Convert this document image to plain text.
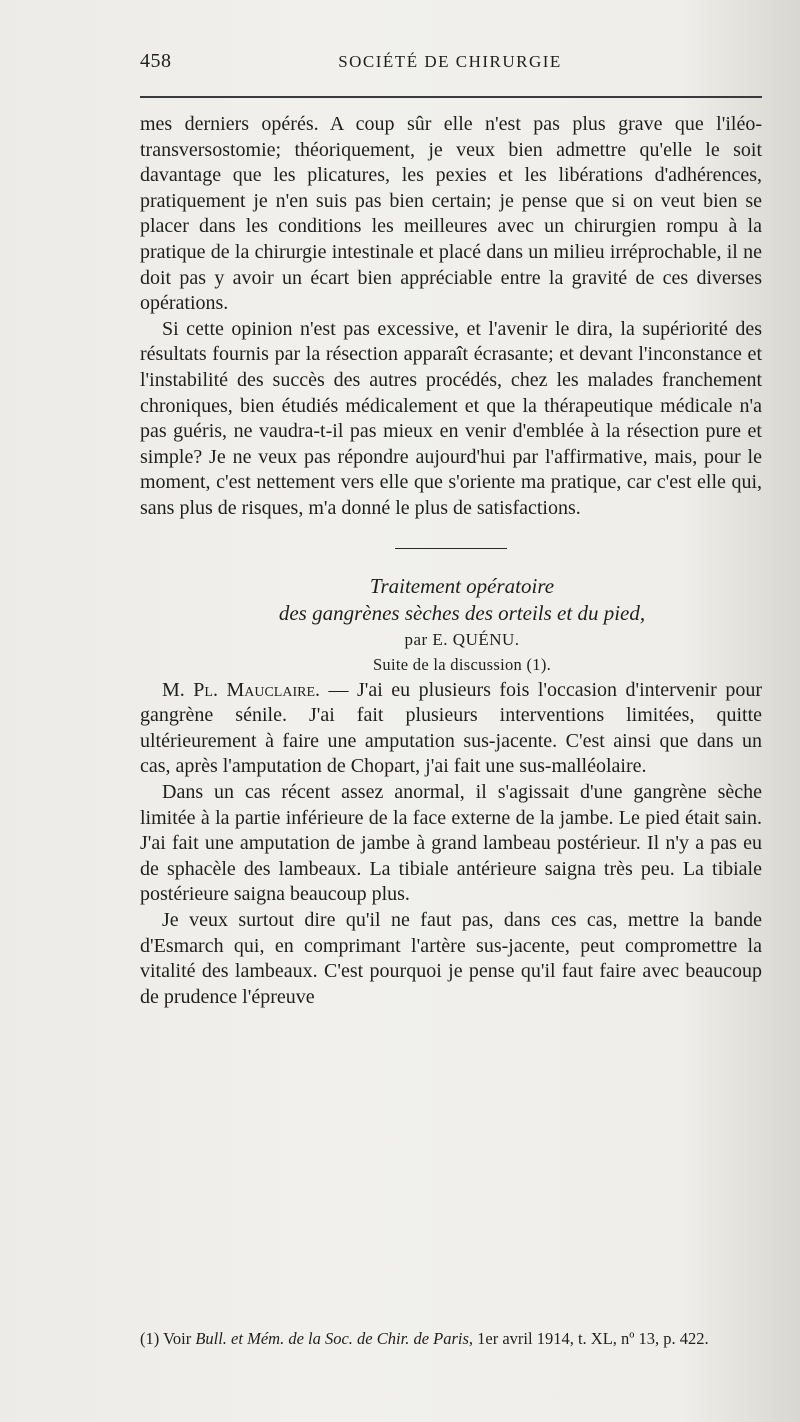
458	SOCIÉTÉ DE CHIRURGIE

mes derniers opérés. A coup sûr elle n'est pas plus grave que l'iléo-transversostomie; théoriquement, je veux bien admettre qu'elle le soit davantage que les plicatures, les pexies et les libérations d'adhérences, pratiquement je n'en suis pas bien certain; je pense que si on veut bien se placer dans les conditions les meilleures avec un chirurgien rompu à la pratique de la chirurgie intestinale et placé dans un milieu irréprochable, il ne doit pas y avoir un écart bien appréciable entre la gravité de ces diverses opérations.

Si cette opinion n'est pas excessive, et l'avenir le dira, la supériorité des résultats fournis par la résection apparaît écrasante; et devant l'inconstance et l'instabilité des succès des autres procédés, chez les malades franchement chroniques, bien étudiés médicalement et que la thérapeutique médicale n'a pas guéris, ne vaudra-t-il pas mieux en venir d'emblée à la résection pure et simple? Je ne veux pas répondre aujourd'hui par l'affirmative, mais, pour le moment, c'est nettement vers elle que s'oriente ma pratique, car c'est elle qui, sans plus de risques, m'a donné le plus de satisfactions.

Traitement opératoire

des gangrènes sèches des orteils et du pied,

par E. QUÉNU.

Suite de la discussion (1).

M. Pl. Mauclaire. — J'ai eu plusieurs fois l'occasion d'intervenir pour gangrène sénile. J'ai fait plusieurs interventions limitées, quitte ultérieurement à faire une amputation sus-jacente. C'est ainsi que dans un cas, après l'amputation de Chopart, j'ai fait une sus-malléolaire.

Dans un cas récent assez anormal, il s'agissait d'une gangrène sèche limitée à la partie inférieure de la face externe de la jambe. Le pied était sain. J'ai fait une amputation de jambe à grand lambeau postérieur. Il n'y a pas eu de sphacèle des lambeaux. La tibiale antérieure saigna très peu. La tibiale postérieure saigna beaucoup plus.

Je veux surtout dire qu'il ne faut pas, dans ces cas, mettre la bande d'Esmarch qui, en comprimant l'artère sus-jacente, peut compromettre la vitalité des lambeaux. C'est pourquoi je pense qu'il faut faire avec beaucoup de prudence l'épreuve

(1) Voir Bull. et Mém. de la Soc. de Chir. de Paris, 1er avril 1914, t. XL, nº 13, p. 422.
